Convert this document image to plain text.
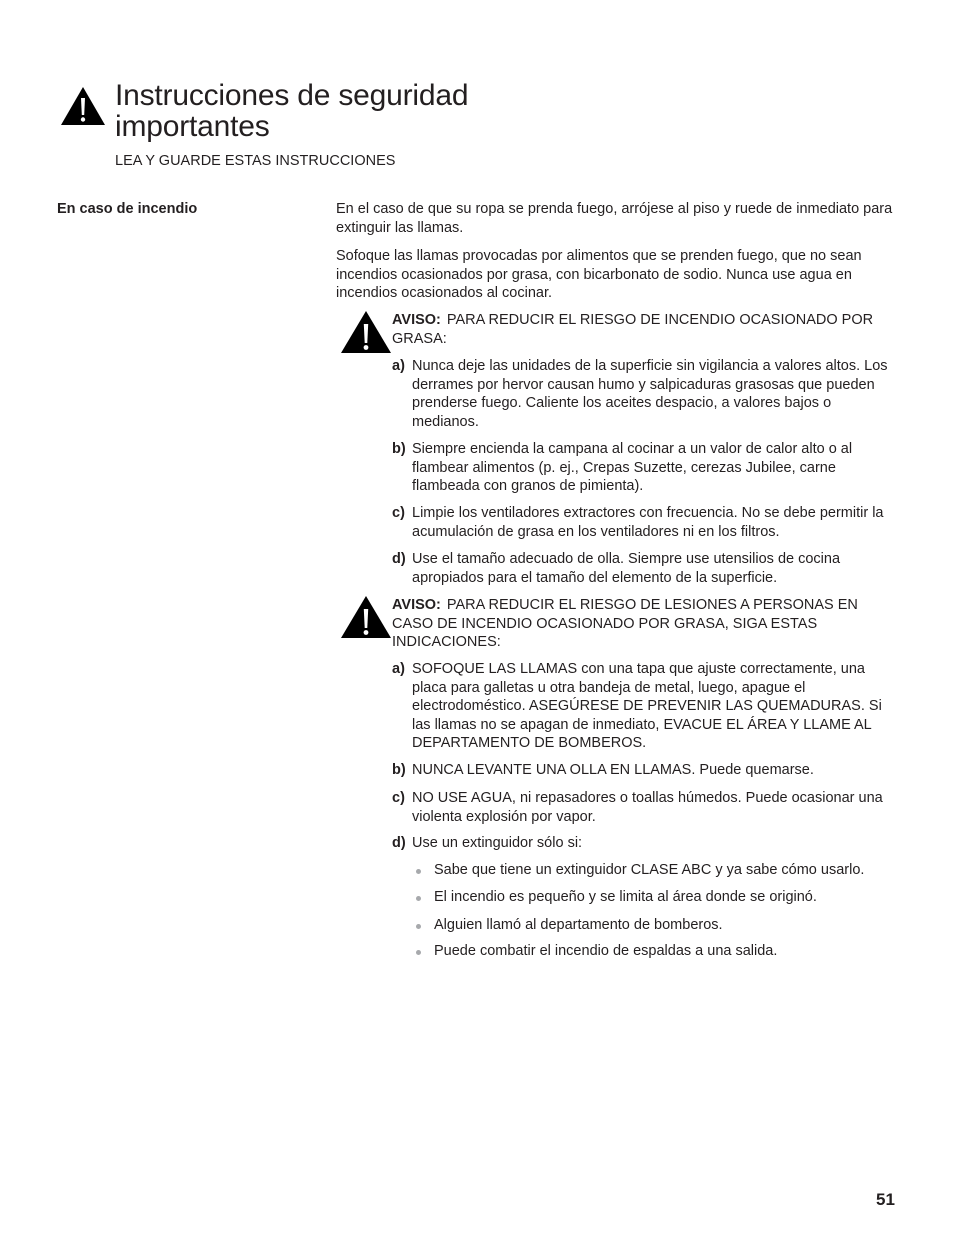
Instrucciones de seguridad
importantes
LEA Y GUARDE ESTAS INSTRUCCIONES
En caso de incendio	En el caso de que su ropa se prenda fuego, arrójese al piso y ruede de inmediato para extinguir las llamas.
Sofoque las llamas provocadas por alimentos que se prenden fuego, que no sean incendios ocasionados por grasa, con bicarbonato de sodio. Nunca use agua en incendios ocasionados al cocinar.
AVISO: PARA REDUCIR EL RIESGO DE INCENDIO OCASIONADO POR GRASA:
a) Nunca deje las unidades de la superficie sin vigilancia a valores altos. Los derrames por hervor causan humo y salpicaduras grasosas que pueden prenderse fuego. Caliente los aceites despacio, a valores bajos o medianos.
b) Siempre encienda la campana al cocinar a un valor de calor alto o al flambear alimentos (p. ej., Crepas Suzette, cerezas Jubilee, carne flambeada con granos de pimienta).
c) Limpie los ventiladores extractores con frecuencia. No se debe permitir la acumulación de grasa en los ventiladores ni en los filtros.
d) Use el tamaño adecuado de olla. Siempre use utensilios de cocina apropiados para el tamaño del elemento de la superficie.
AVISO: PARA REDUCIR EL RIESGO DE LESIONES A PERSONAS EN CASO DE INCENDIO OCASIONADO POR GRASA, SIGA ESTAS INDICACIONES:
a) SOFOQUE LAS LLAMAS con una tapa que ajuste correctamente, una placa para galletas u otra bandeja de metal, luego, apague el electrodoméstico. ASEGÚRESE DE PREVENIR LAS QUEMADURAS. Si las llamas no se apagan de inmediato, EVACUE EL ÁREA Y LLAME AL DEPARTAMENTO DE BOMBEROS.
b) NUNCA LEVANTE UNA OLLA EN LLAMAS. Puede quemarse.
c) NO USE AGUA, ni repasadores o toallas húmedos. Puede ocasionar una violenta explosión por vapor.
d) Use un extinguidor sólo si:
Sabe que tiene un extinguidor CLASE ABC y ya sabe cómo usarlo.
El incendio es pequeño y se limita al área donde se originó.
Alguien llamó al departamento de bomberos.
Puede combatir el incendio de espaldas a una salida.
51
